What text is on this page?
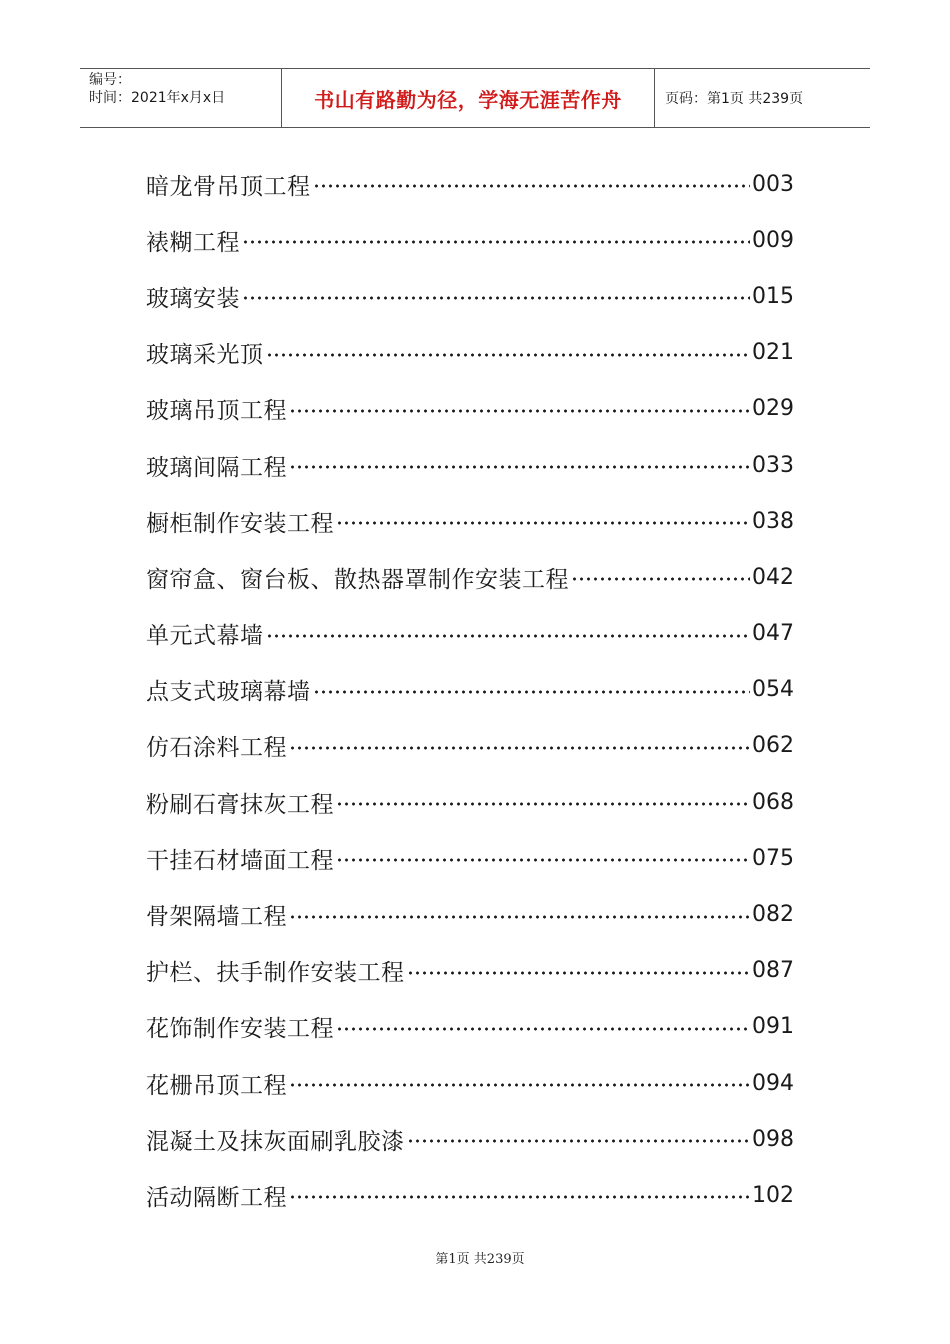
编号：
时间：2021年x月x日	书山有路勤为径，学海无涯苦作舟	页码：第1页 共239页
暗龙骨吊顶工程	003
裱糊工程	009
玻璃安装	015
玻璃采光顶	021
玻璃吊顶工程	029
玻璃间隔工程	033
橱柜制作安装工程	038
窗帘盒、窗台板、散热器罩制作安装工程	042
单元式幕墙	047
点支式玻璃幕墙	054
仿石涂料工程	062
粉刷石膏抹灰工程	068
干挂石材墙面工程	075
骨架隔墙工程	082
护栏、扶手制作安装工程	087
花饰制作安装工程	091
花栅吊顶工程	094
混凝土及抹灰面刷乳胶漆	098
活动隔断工程	102
第1页 共239页
